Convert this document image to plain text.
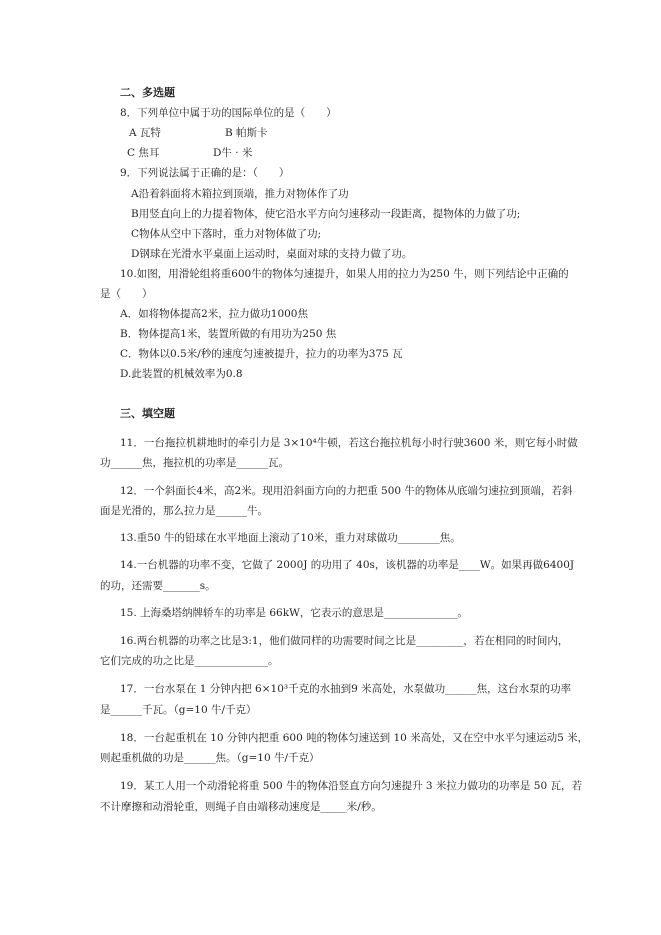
二、多选题
8．下列单位中属于功的国际单位的是（　　）
A 瓦特	B 帕斯卡
C 焦耳	D牛 · 米
9．下列说法属于正确的是：（　　）
A沿着斜面将木箱拉到顶端，推力对物体作了功
B用竖直向上的力提着物体，使它沿水平方向匀速移动一段距离，提物体的力做了功;
C物体从空中下落时，重力对物体做了功;
D钢球在光滑水平桌面上运动时，桌面对球的支持力做了功。
10.如图，用滑轮组将重600牛的物体匀速提升，如果人用的拉力为250 牛，则下列结论中正确的
是（　　）
A．如将物体提高2米，拉力做功1000焦
B．物体提高1米，装置所做的有用功为250 焦
C．物体以0.5米/秒的速度匀速被提升，拉力的功率为375 瓦
D.此装置的机械效率为0.8
三、填空题
11．一台拖拉机耕地时的牵引力是 3×10⁴牛顿，若这台拖拉机每小时行驶3600 米，则它每小时做
功______焦，拖拉机的功率是______瓦。
12．一个斜面长4米，高2米。现用沿斜面方向的力把重 500 牛的物体从底端匀速拉到顶端，若斜
面是光滑的，那么拉力是______牛。
13.重50 牛的铅球在水平地面上滚动了10米，重力对球做功________焦。
14.一台机器的功率不变，它做了 2000J 的功用了 40s，该机器的功率是____W。如果再做6400J
的功，还需要_______s。
15. 上海桑塔纳牌轿车的功率是 66kW，它表示的意思是______________。
16.两台机器的功率之比是3:1，他们做同样的功需要时间之比是_________，若在相同的时间内，
它们完成的功之比是______________。
17．一台水泵在 1 分钟内把 6×10³千克的水抽到9 米高处，水泵做功______焦，这台水泵的功率
是______千瓦。（g=10 牛/千克）
18．一台起重机在 10 分钟内把重 600 吨的物体匀速送到 10 米高处，又在空中水平匀速运动5 米，
则起重机做的功是______焦。（g=10 牛/千克）
19．某工人用一个动滑轮将重 500 牛的物体沿竖直方向匀速提升 3 米拉力做功的功率是 50 瓦，若
不计摩擦和动滑轮重，则绳子自由端移动速度是_____米/秒。
